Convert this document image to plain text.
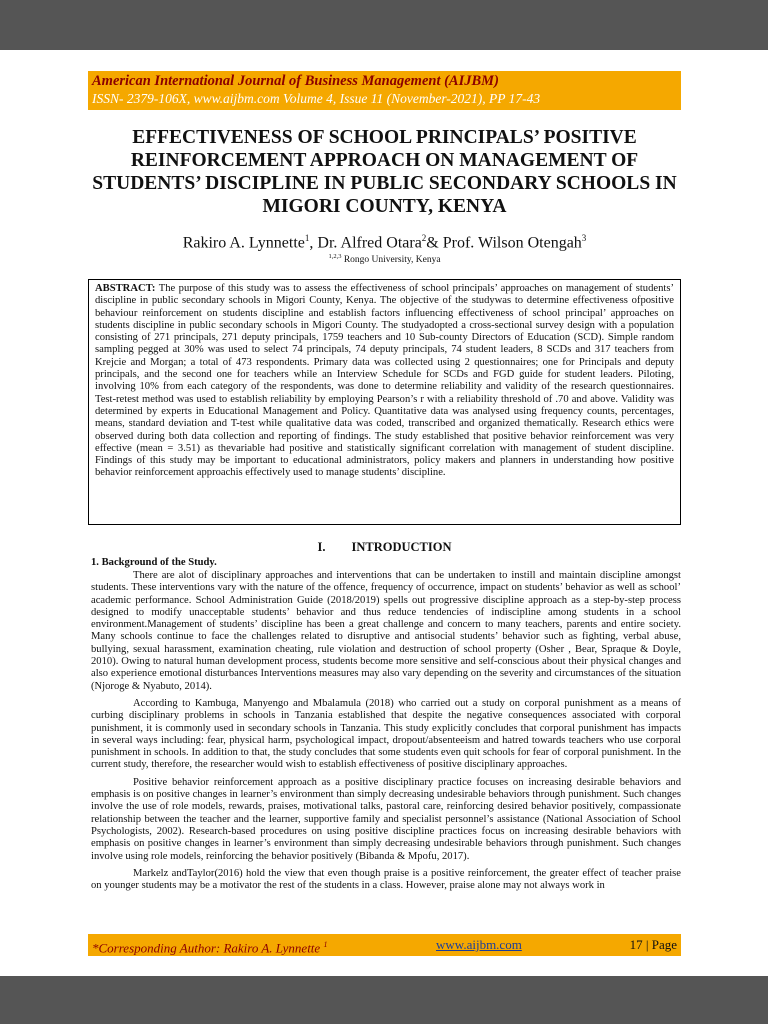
American International Journal of Business Management (AIJBM)
ISSN- 2379-106X, www.aijbm.com Volume 4, Issue 11 (November-2021), PP 17-43
EFFECTIVENESS OF SCHOOL PRINCIPALS’ POSITIVE REINFORCEMENT APPROACH ON MANAGEMENT OF STUDENTS’ DISCIPLINE IN PUBLIC SECONDARY SCHOOLS IN MIGORI COUNTY, KENYA
Rakiro A. Lynnette$^1$, Dr. Alfred Otara$^2$& Prof. Wilson Otengah$^3$
$^{1,2,3}$ Rongo University, Kenya
ABSTRACT: The purpose of this study was to assess the effectiveness of school principals’ approaches on management of students’ discipline in public secondary schools in Migori County, Kenya. The objective of the studywas to determine effectiveness ofpositive behaviour reinforcement on students discipline and establish factors influencing effectiveness of school principal’ approaches on students discipline in public secondary schools in Migori County. The studyadopted a cross-sectional survey design with a population consisting of 271 principals, 271 deputy principals, 1759 teachers and 10 Sub-county Directors of Education (SCD). Simple random sampling pegged at 30% was used to select 74 principals, 74 deputy principals, 74 student leaders, 8 SCDs and 317 teachers from Krejcie and Morgan; a total of 473 respondents. Primary data was collected using 2 questionnaires; one for Principals and deputy principals, and the second one for teachers while an Interview Schedule for SCDs and FGD guide for student leaders. Piloting, involving 10% from each category of the respondents, was done to determine reliability and validity of the research questionnaires. Test-retest method was used to establish reliability by employing Pearson’s r with a reliability threshold of .70 and above. Validity was determined by experts in Educational Management and Policy. Quantitative data was analysed using frequency counts, percentages, means, standard deviation and T-test while qualitative data was coded, transcribed and organized thematically. Research ethics were observed during both data collection and reporting of findings. The study established that positive behavior reinforcement was very effective (mean = 3.51) as thevariable had positive and statistically significant correlation with management of student discipline. Findings of this study may be important to educational administrators, policy makers and planners in understanding how positive behavior reinforcement approachis effectively used to manage students’ discipline.
I. INTRODUCTION
1. Background of the Study.

There are alot of disciplinary approaches and interventions that can be undertaken to instill and maintain discipline amongst students. These interventions vary with the nature of the offence, frequency of occurrence, impact on students’ behavior as well as school’ academic performance. School Administration Guide (2018/2019) spells out progressive discipline approach as a step-by-step process designed to modify unacceptable students’ behavior and thus reduce tendencies of indiscipline among students in a school environment.Management of students’ discipline has been a great challenge and concern to many teachers, parents and entire society. Many schools continue to face the challenges related to disruptive and antisocial students’ behavior such as fighting, verbal abuse, bullying, sexual harassment, examination cheating, rule violation and destruction of school property (Osher , Bear, Spraque & Doyle, 2010). Owing to natural human development process, students become more sensitive and self-conscious about their physical changes and also experience emotional disturbances Interventions measures may also vary depending on the severity and circumstances of the situation (Njoroge & Nyabuto, 2014).

According to Kambuga, Manyengo and Mbalamula (2018) who carried out a study on corporal punishment as a means of curbing disciplinary problems in schools in Tanzania established that despite the negative consequences associated with corporal punishment, it is commonly used in secondary schools in Tanzania. This study explicitly concludes that corporal punishment has impacts in several ways including: fear, physical harm, psychological impact, dropout/absenteeism and hatred towards teachers who use corporal punishment in schools. In addition to that, the study concludes that some students even quit schools for fear of corporal punishment. In the current study, therefore, the researcher would wish to establish effectiveness of positive disciplinary approaches.

Positive behavior reinforcement approach as a positive disciplinary practice focuses on increasing desirable behaviors and emphasis is on positive changes in learner’s environment than simply decreasing undesirable behaviors through punishment. Such changes involve the use of role models, rewards, praises, motivational talks, pastoral care, reinforcing desired behavior positively, compassionate relationship between the teacher and the learner, supportive family and specialist personnel’s assistance (National Association of School Psychologists, 2002). Research-based procedures on using positive discipline practices focus on increasing desirable behaviors with emphasis on positive changes in learner’s environment than simply decreasing undesirable behaviors through punishment. Such changes involve using role models, reinforcing the behavior positively (Bibanda & Mpofu, 2017).

Markelz andTaylor(2016) hold the view that even though praise is a positive reinforcement, the greater effect of teacher praise on younger students may be a motivator the rest of the students in a class. However, praise alone may not always work in

*Corresponding Author: Rakiro A. Lynnette $^1$	www.aijbm.com	17 | Page
